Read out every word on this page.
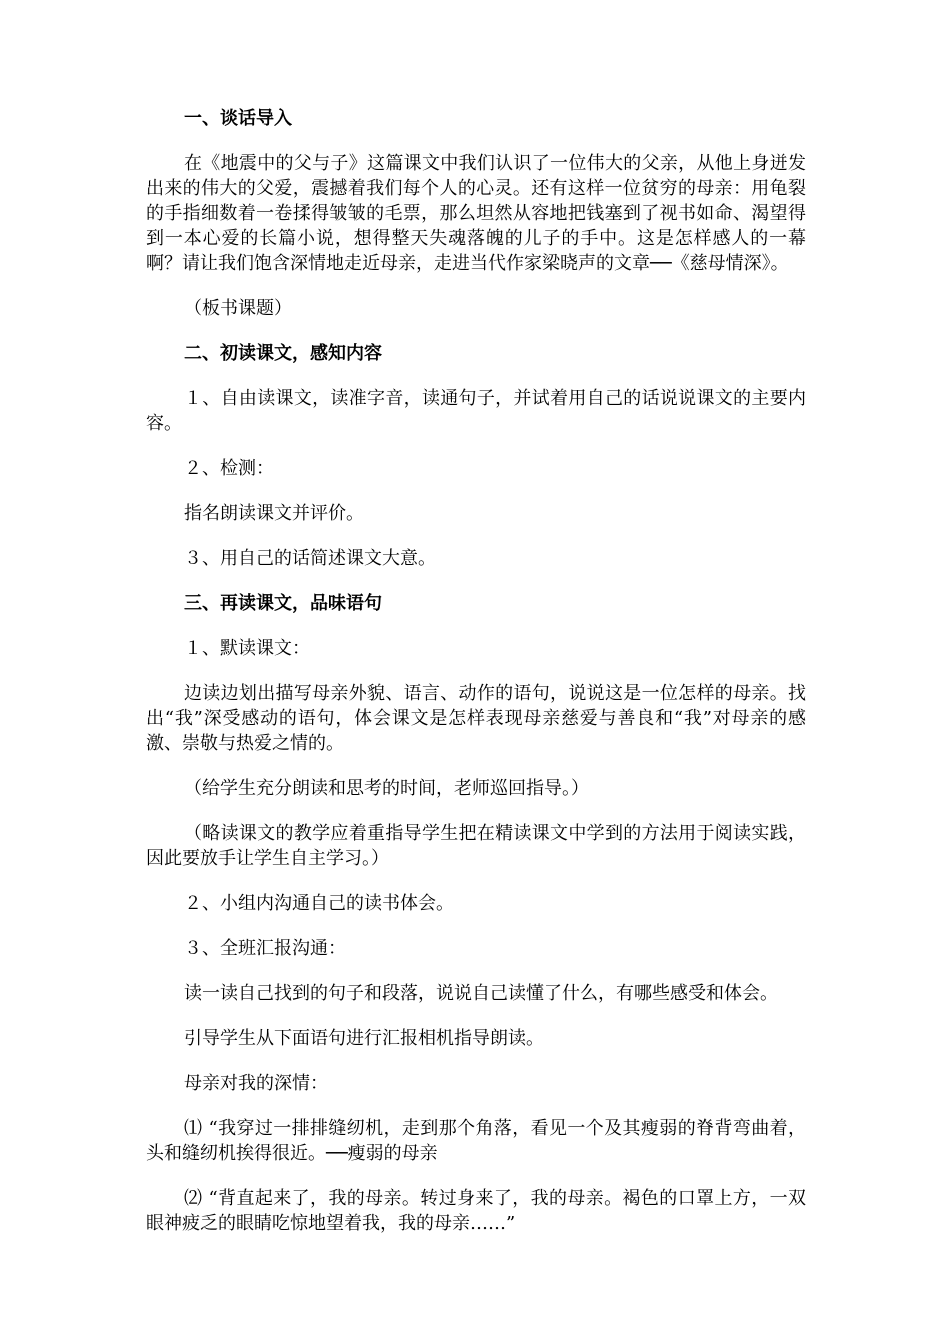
一、谈话导入

在《地震中的父与子》这篇课文中我们认识了一位伟大的父亲，从他上身迸发出来的伟大的父爱，震撼着我们每个人的心灵。还有这样一位贫穷的母亲：用龟裂的手指细数着一卷揉得皱皱的毛票，那么坦然从容地把钱塞到了视书如命、渴望得到一本心爱的长篇小说，想得整天失魂落魄的儿子的手中。这是怎样感人的一幕啊？请让我们饱含深情地走近母亲，走进当代作家梁晓声的文章──《慈母情深》。

（板书课题）

二、初读课文，感知内容

１、自由读课文，读准字音，读通句子，并试着用自己的话说说课文的主要内容。

２、检测：

指名朗读课文并评价。

３、用自己的话简述课文大意。

三、再读课文，品味语句

１、默读课文：

边读边划出描写母亲外貌、语言、动作的语句，说说这是一位怎样的母亲。找出“我”深受感动的语句，体会课文是怎样表现母亲慈爱与善良和“我”对母亲的感激、崇敬与热爱之情的。

（给学生充分朗读和思考的时间，老师巡回指导。）

（略读课文的教学应着重指导学生把在精读课文中学到的方法用于阅读实践，因此要放手让学生自主学习。）

２、小组内沟通自己的读书体会。

３、全班汇报沟通：

读一读自己找到的句子和段落，说说自己读懂了什么，有哪些感受和体会。

引导学生从下面语句进行汇报相机指导朗读。

母亲对我的深情：

⑴ “我穿过一排排缝纫机，走到那个角落，看见一个及其瘦弱的脊背弯曲着，头和缝纫机挨得很近。──瘦弱的母亲

⑵ “背直起来了，我的母亲。转过身来了，我的母亲。褐色的口罩上方，一双眼神疲乏的眼睛吃惊地望着我，我的母亲……”
